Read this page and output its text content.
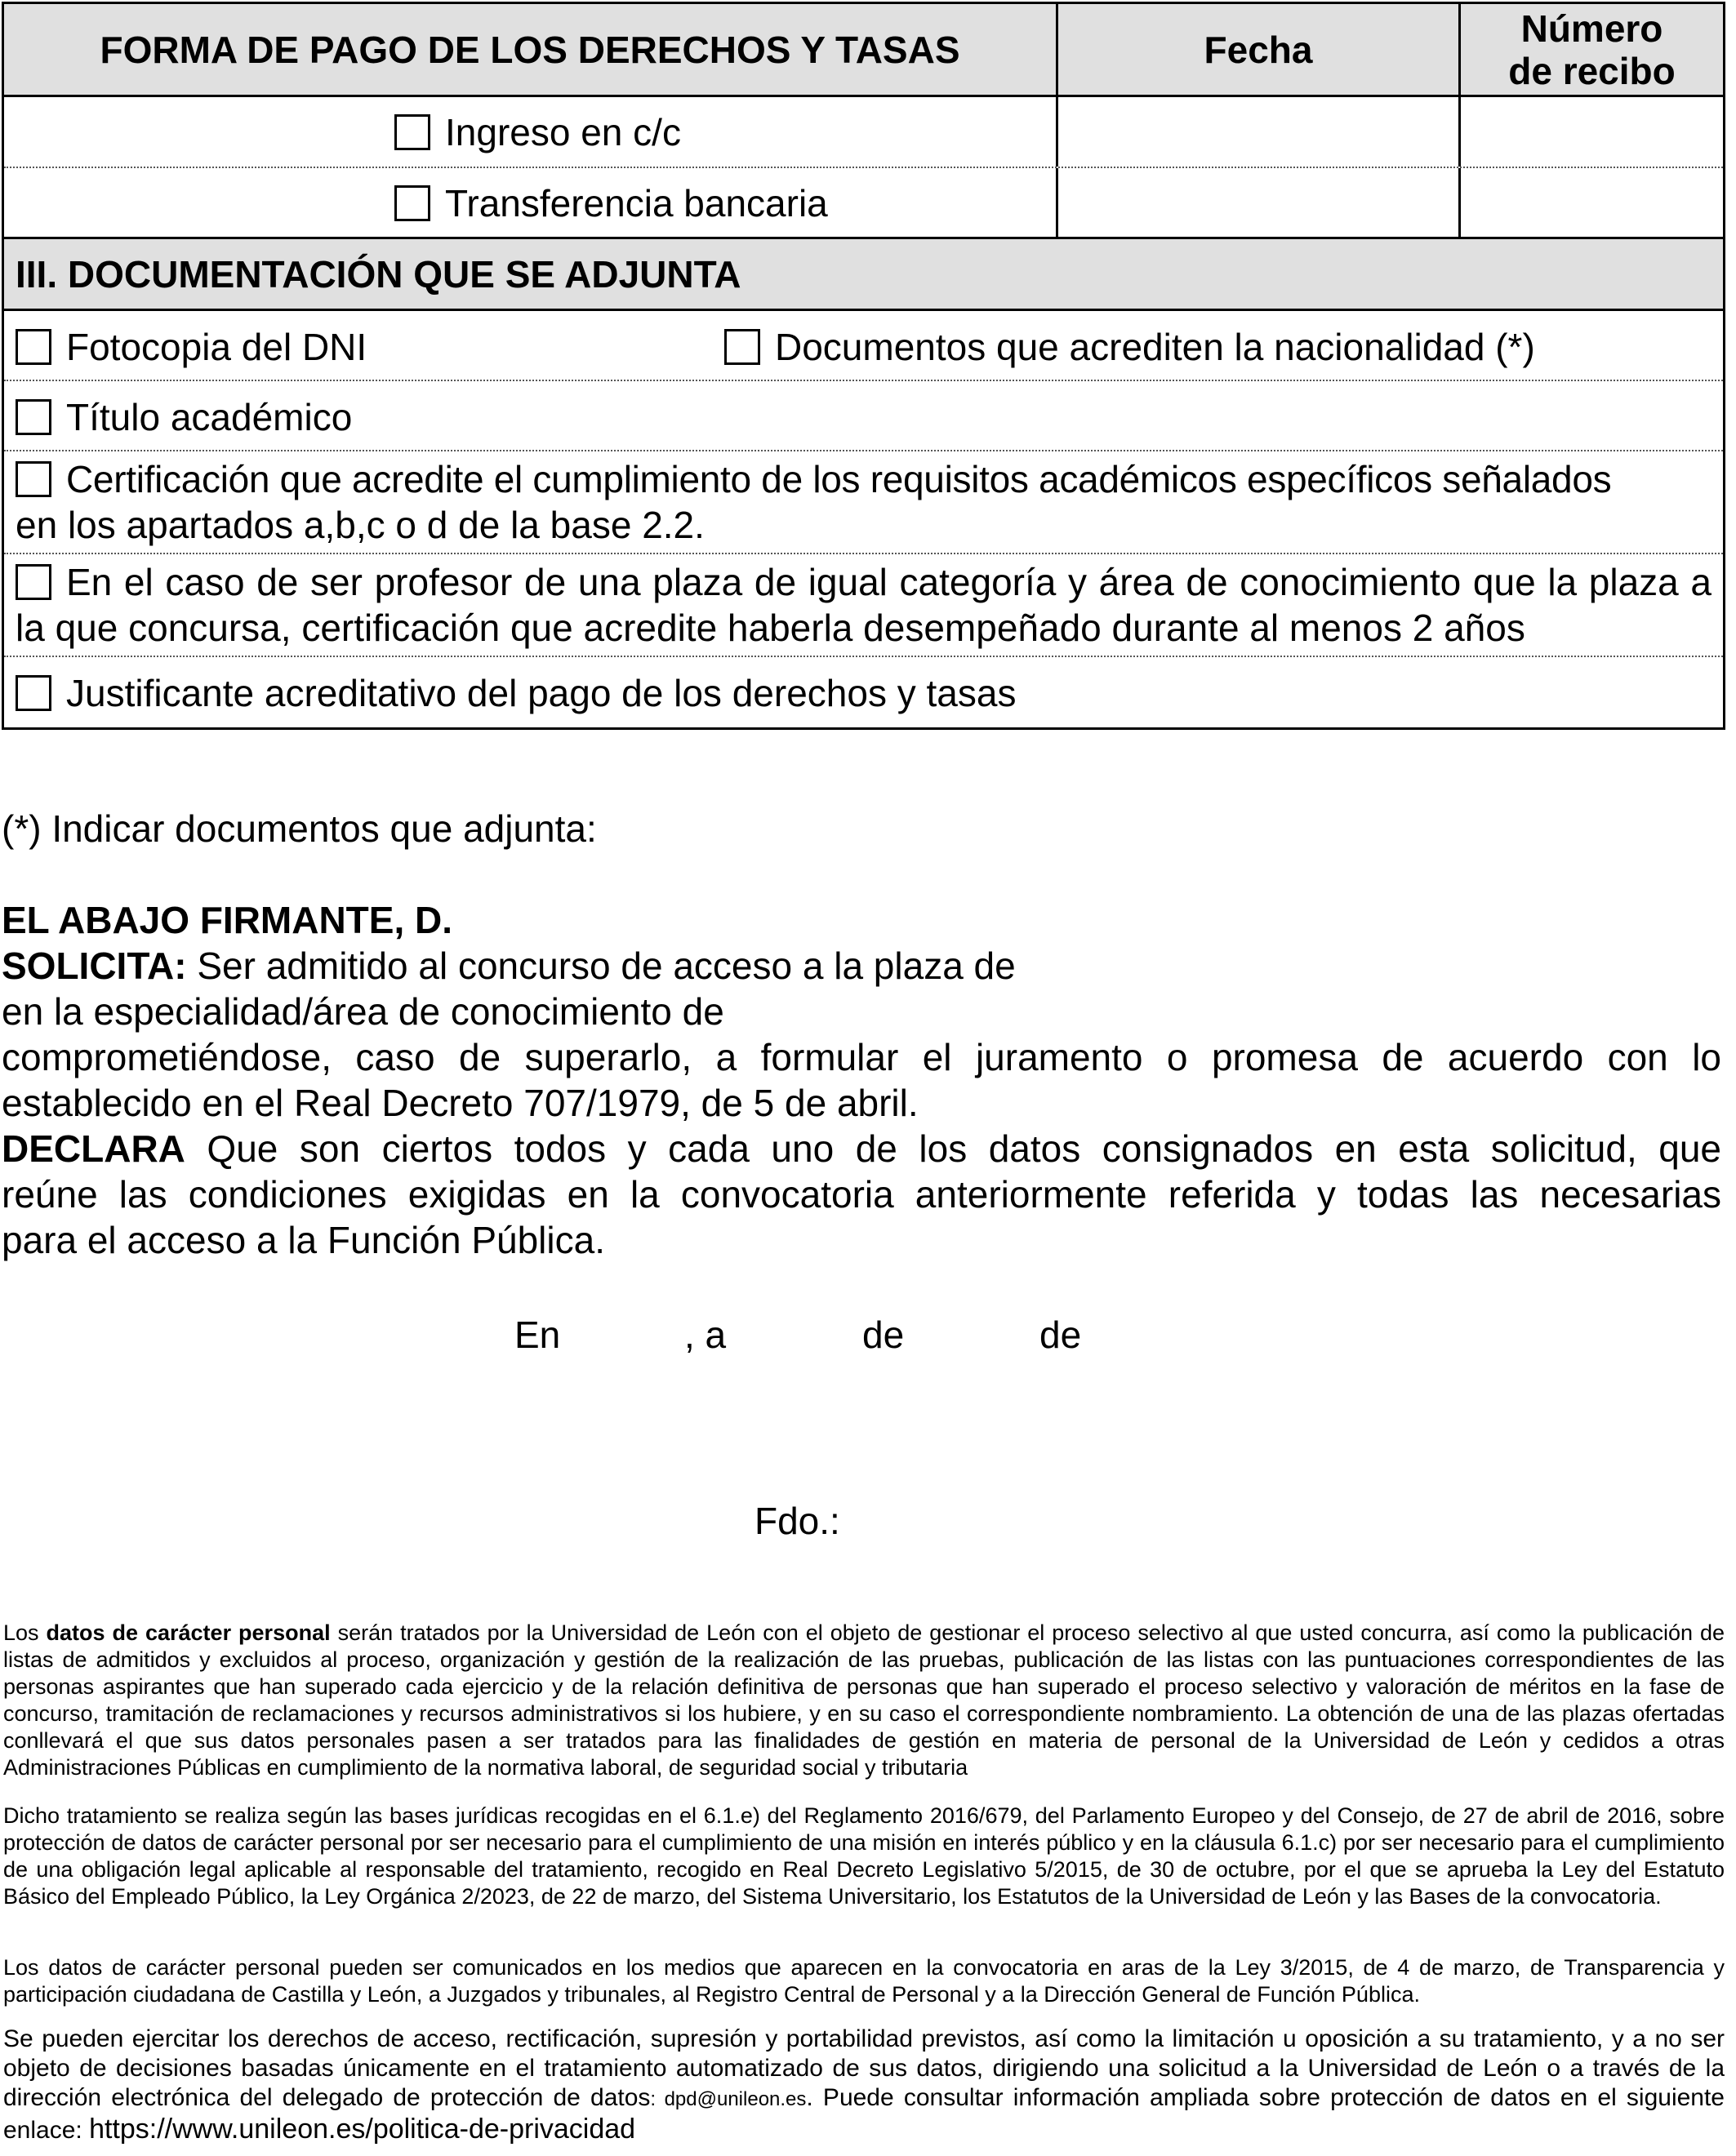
FORMA DE PAGO DE LOS DERECHOS Y TASAS	Fecha	Número
de recibo
Ingreso en c/c
Transferencia bancaria
III. DOCUMENTACIÓN QUE SE ADJUNTA
Fotocopia del DNI	Documentos que acrediten la nacionalidad (*)
Título académico
Certificación que acredite el cumplimiento de los requisitos académicos específicos señalados
en los apartados a,b,c o d de la base 2.2.
En el caso de ser profesor de una plaza de igual categoría y área de conocimiento que la plaza a la que concursa, certificación que acredite haberla desempeñado durante al menos 2 años
Justificante acreditativo del pago de los derechos y tasas
(*) Indicar documentos que adjunta:
EL ABAJO FIRMANTE, D.
SOLICITA: Ser admitido al concurso de acceso a la plaza de
en la especialidad/área de conocimiento de
comprometiéndose, caso de superarlo, a formular el juramento o promesa de acuerdo con lo
establecido en el Real Decreto 707/1979, de 5 de abril.
DECLARA Que son ciertos todos y cada uno de los datos consignados en esta solicitud, que
reúne las condiciones exigidas en la convocatoria anteriormente referida y todas las necesarias
para el acceso a la Función Pública.
En	, a	de	de
Fdo.:
Los datos de carácter personal serán tratados por la Universidad de León con el objeto de gestionar el proceso selectivo al que usted concurra, así como la publicación de listas de admitidos y excluidos al proceso, organización y gestión de la realización de las pruebas, publicación de las listas con las puntuaciones correspondientes de las personas aspirantes que han superado cada ejercicio y de la relación definitiva de personas que han superado el proceso selectivo y valoración de méritos en la fase de concurso, tramitación de reclamaciones y recursos administrativos si los hubiere, y en su caso el correspondiente nombramiento. La obtención de una de las plazas ofertadas conllevará el que sus datos personales pasen a ser tratados para las finalidades de gestión en materia de personal de la Universidad de León y cedidos a otras Administraciones Públicas en cumplimiento de la normativa laboral, de seguridad social y tributaria
Dicho tratamiento se realiza según las bases jurídicas recogidas en el 6.1.e) del Reglamento 2016/679, del Parlamento Europeo y del Consejo, de 27 de abril de 2016, sobre protección de datos de carácter personal por ser necesario para el cumplimiento de una misión en interés público y en la cláusula 6.1.c) por ser necesario para el cumplimiento de una obligación legal aplicable al responsable del tratamiento, recogido en Real Decreto Legislativo 5/2015, de 30 de octubre, por el que se aprueba la Ley del Estatuto Básico del Empleado Público, la Ley Orgánica 2/2023, de 22 de marzo, del Sistema Universitario, los Estatutos de la Universidad de León y las Bases de la convocatoria.
Los datos de carácter personal pueden ser comunicados en los medios que aparecen en la convocatoria en aras de la Ley 3/2015, de 4 de marzo, de Transparencia y participación ciudadana de Castilla y León, a Juzgados y tribunales, al Registro Central de Personal y a la Dirección General de Función Pública.
Se pueden ejercitar los derechos de acceso, rectificación, supresión y portabilidad previstos, así como la limitación u oposición a su tratamiento, y a no ser objeto de decisiones basadas únicamente en el tratamiento automatizado de sus datos, dirigiendo una solicitud a la Universidad de León o a través de la dirección electrónica del delegado de protección de datos: dpd@unileon.es. Puede consultar información ampliada sobre protección de datos en el siguiente enlace: https://www.unileon.es/politica-de-privacidad
